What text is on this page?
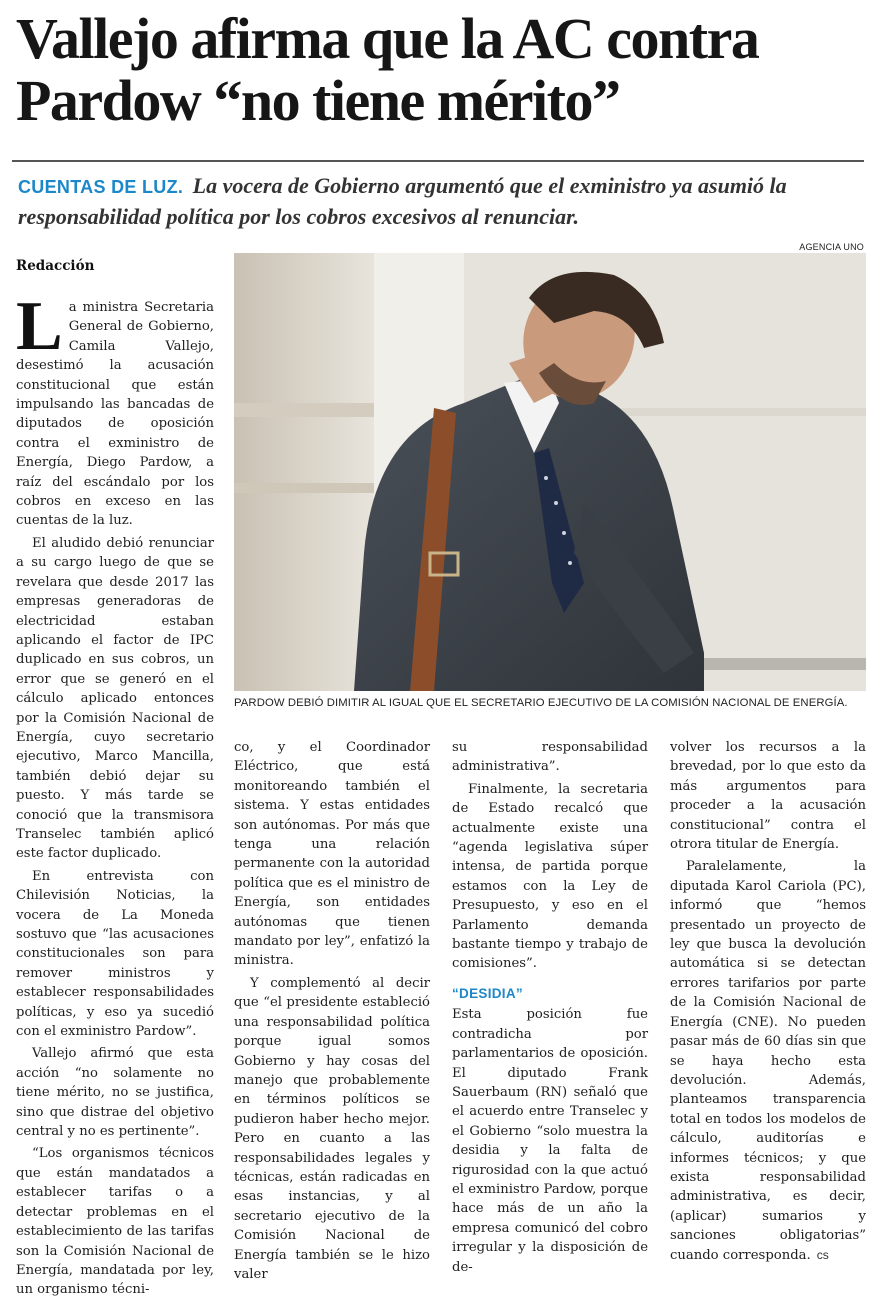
Vallejo afirma que la AC contra Pardow “no tiene mérito”
CUENTAS DE LUZ. La vocera de Gobierno argumentó que el exministro ya asumió la responsabilidad política por los cobros excesivos al renunciar.
AGENCIA UNO
PARDOW DEBIÓ DIMITIR AL IGUAL QUE EL SECRETARIO EJECUTIVO DE LA COMISIÓN NACIONAL DE ENERGÍA.
Redacción

La ministra Secretaria General de Gobierno, Camila Vallejo, desestimó la acusación constitucional que están impulsando las bancadas de diputados de oposición contra el exministro de Energía, Diego Pardow, a raíz del escándalo por los cobros en exceso en las cuentas de la luz.

El aludido debió renunciar a su cargo luego de que se revelara que desde 2017 las empresas generadoras de electricidad estaban aplicando el factor de IPC duplicado en sus cobros, un error que se generó en el cálculo aplicado entonces por la Comisión Nacional de Energía, cuyo secretario ejecutivo, Marco Mancilla, también debió dejar su puesto. Y más tarde se conoció que la transmisora Transelec también aplicó este factor duplicado.

En entrevista con Chilevisión Noticias, la vocera de La Moneda sostuvo que “las acusaciones constitucionales son para remover ministros y establecer responsabilidades políticas, y eso ya sucedió con el exministro Pardow”.

Vallejo afirmó que esta acción “no solamente no tiene mérito, no se justifica, sino que distrae del objetivo central y no es pertinente”.

“Los organismos técnicos que están mandatados a establecer tarifas o a detectar problemas en el establecimiento de las tarifas son la Comisión Nacional de Energía, mandatada por ley, un organismo técni-

co, y el Coordinador Eléctrico, que está monitoreando también el sistema. Y estas entidades son autónomas. Por más que tenga una relación permanente con la autoridad política que es el ministro de Energía, son entidades autónomas que tienen mandato por ley”, enfatizó la ministra.

Y complementó al decir que “el presidente estableció una responsabilidad política porque igual somos Gobierno y hay cosas del manejo que probablemente en términos políticos se pudieron haber hecho mejor. Pero en cuanto a las responsabilidades legales y técnicas, están radicadas en esas instancias, y al secretario ejecutivo de la Comisión Nacional de Energía también se le hizo valer

su responsabilidad administrativa”.

Finalmente, la secretaria de Estado recalcó que actualmente existe una “agenda legislativa súper intensa, de partida porque estamos con la Ley de Presupuesto, y eso en el Parlamento demanda bastante tiempo y trabajo de comisiones”.

“DESIDIA”

Esta posición fue contradicha por parlamentarios de oposición. El diputado Frank Sauerbaum (RN) señaló que el acuerdo entre Transelec y el Gobierno “solo muestra la desidia y la falta de rigurosidad con la que actuó el exministro Pardow, porque hace más de un año la empresa comunicó del cobro irregular y la disposición de de-

volver los recursos a la brevedad, por lo que esto da más argumentos para proceder a la acusación constitucional” contra el otrora titular de Energía.

Paralelamente, la diputada Karol Cariola (PC), informó que “hemos presentado un proyecto de ley que busca la devolución automática si se detectan errores tarifarios por parte de la Comisión Nacional de Energía (CNE). No pueden pasar más de 60 días sin que se haya hecho esta devolución. Además, planteamos transparencia total en todos los modelos de cálculo, auditorías e informes técnicos; y que exista responsabilidad administrativa, es decir, (aplicar) sumarios y sanciones obligatorias” cuando corresponda. cs
